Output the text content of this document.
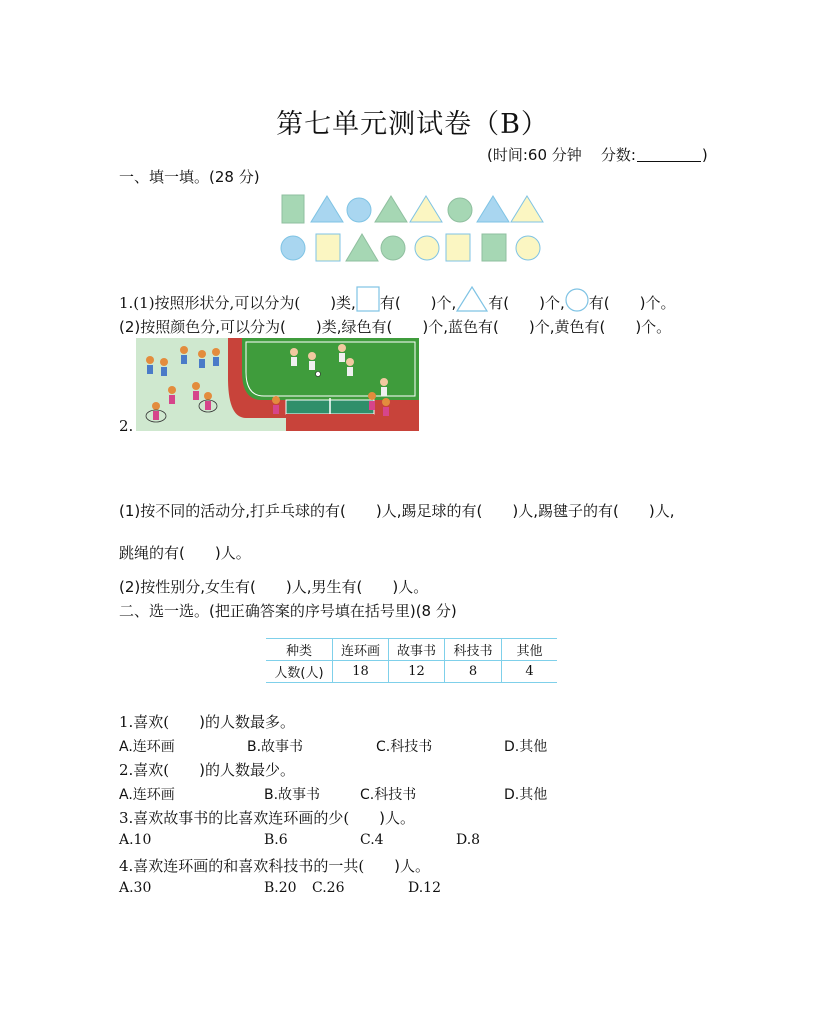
第七单元测试卷（B）
(时间:60 分钟 分数:	)
一、填一填。(28 分)
1.(1)按照形状分,可以分为( )类, 有( )个, 有( )个, 有( )个。
(2)按照颜色分,可以分为( )类,绿色有( )个,蓝色有( )个,黄色有( )个。
2.
(1)按不同的活动分,打乒乓球的有( )人,踢足球的有( )人,踢毽子的有( )人,
跳绳的有( )人。
(2)按性别分,女生有( )人,男生有( )人。
二、选一选。(把正确答案的序号填在括号里)(8 分)
种类	连环画	故事书	科技书	其他
人数(人)	18	12	8	4
1.喜欢( )的人数最多。
A.连环画	B.故事书	C.科技书	D.其他
2.喜欢( )的人数最少。
A.连环画	B.故事书	C.科技书	D.其他
3.喜欢故事书的比喜欢连环画的少( )人。
A.10	B.6	C.4	D.8
4.喜欢连环画的和喜欢科技书的一共( )人。
A.30	B.20 C.26	D.12
